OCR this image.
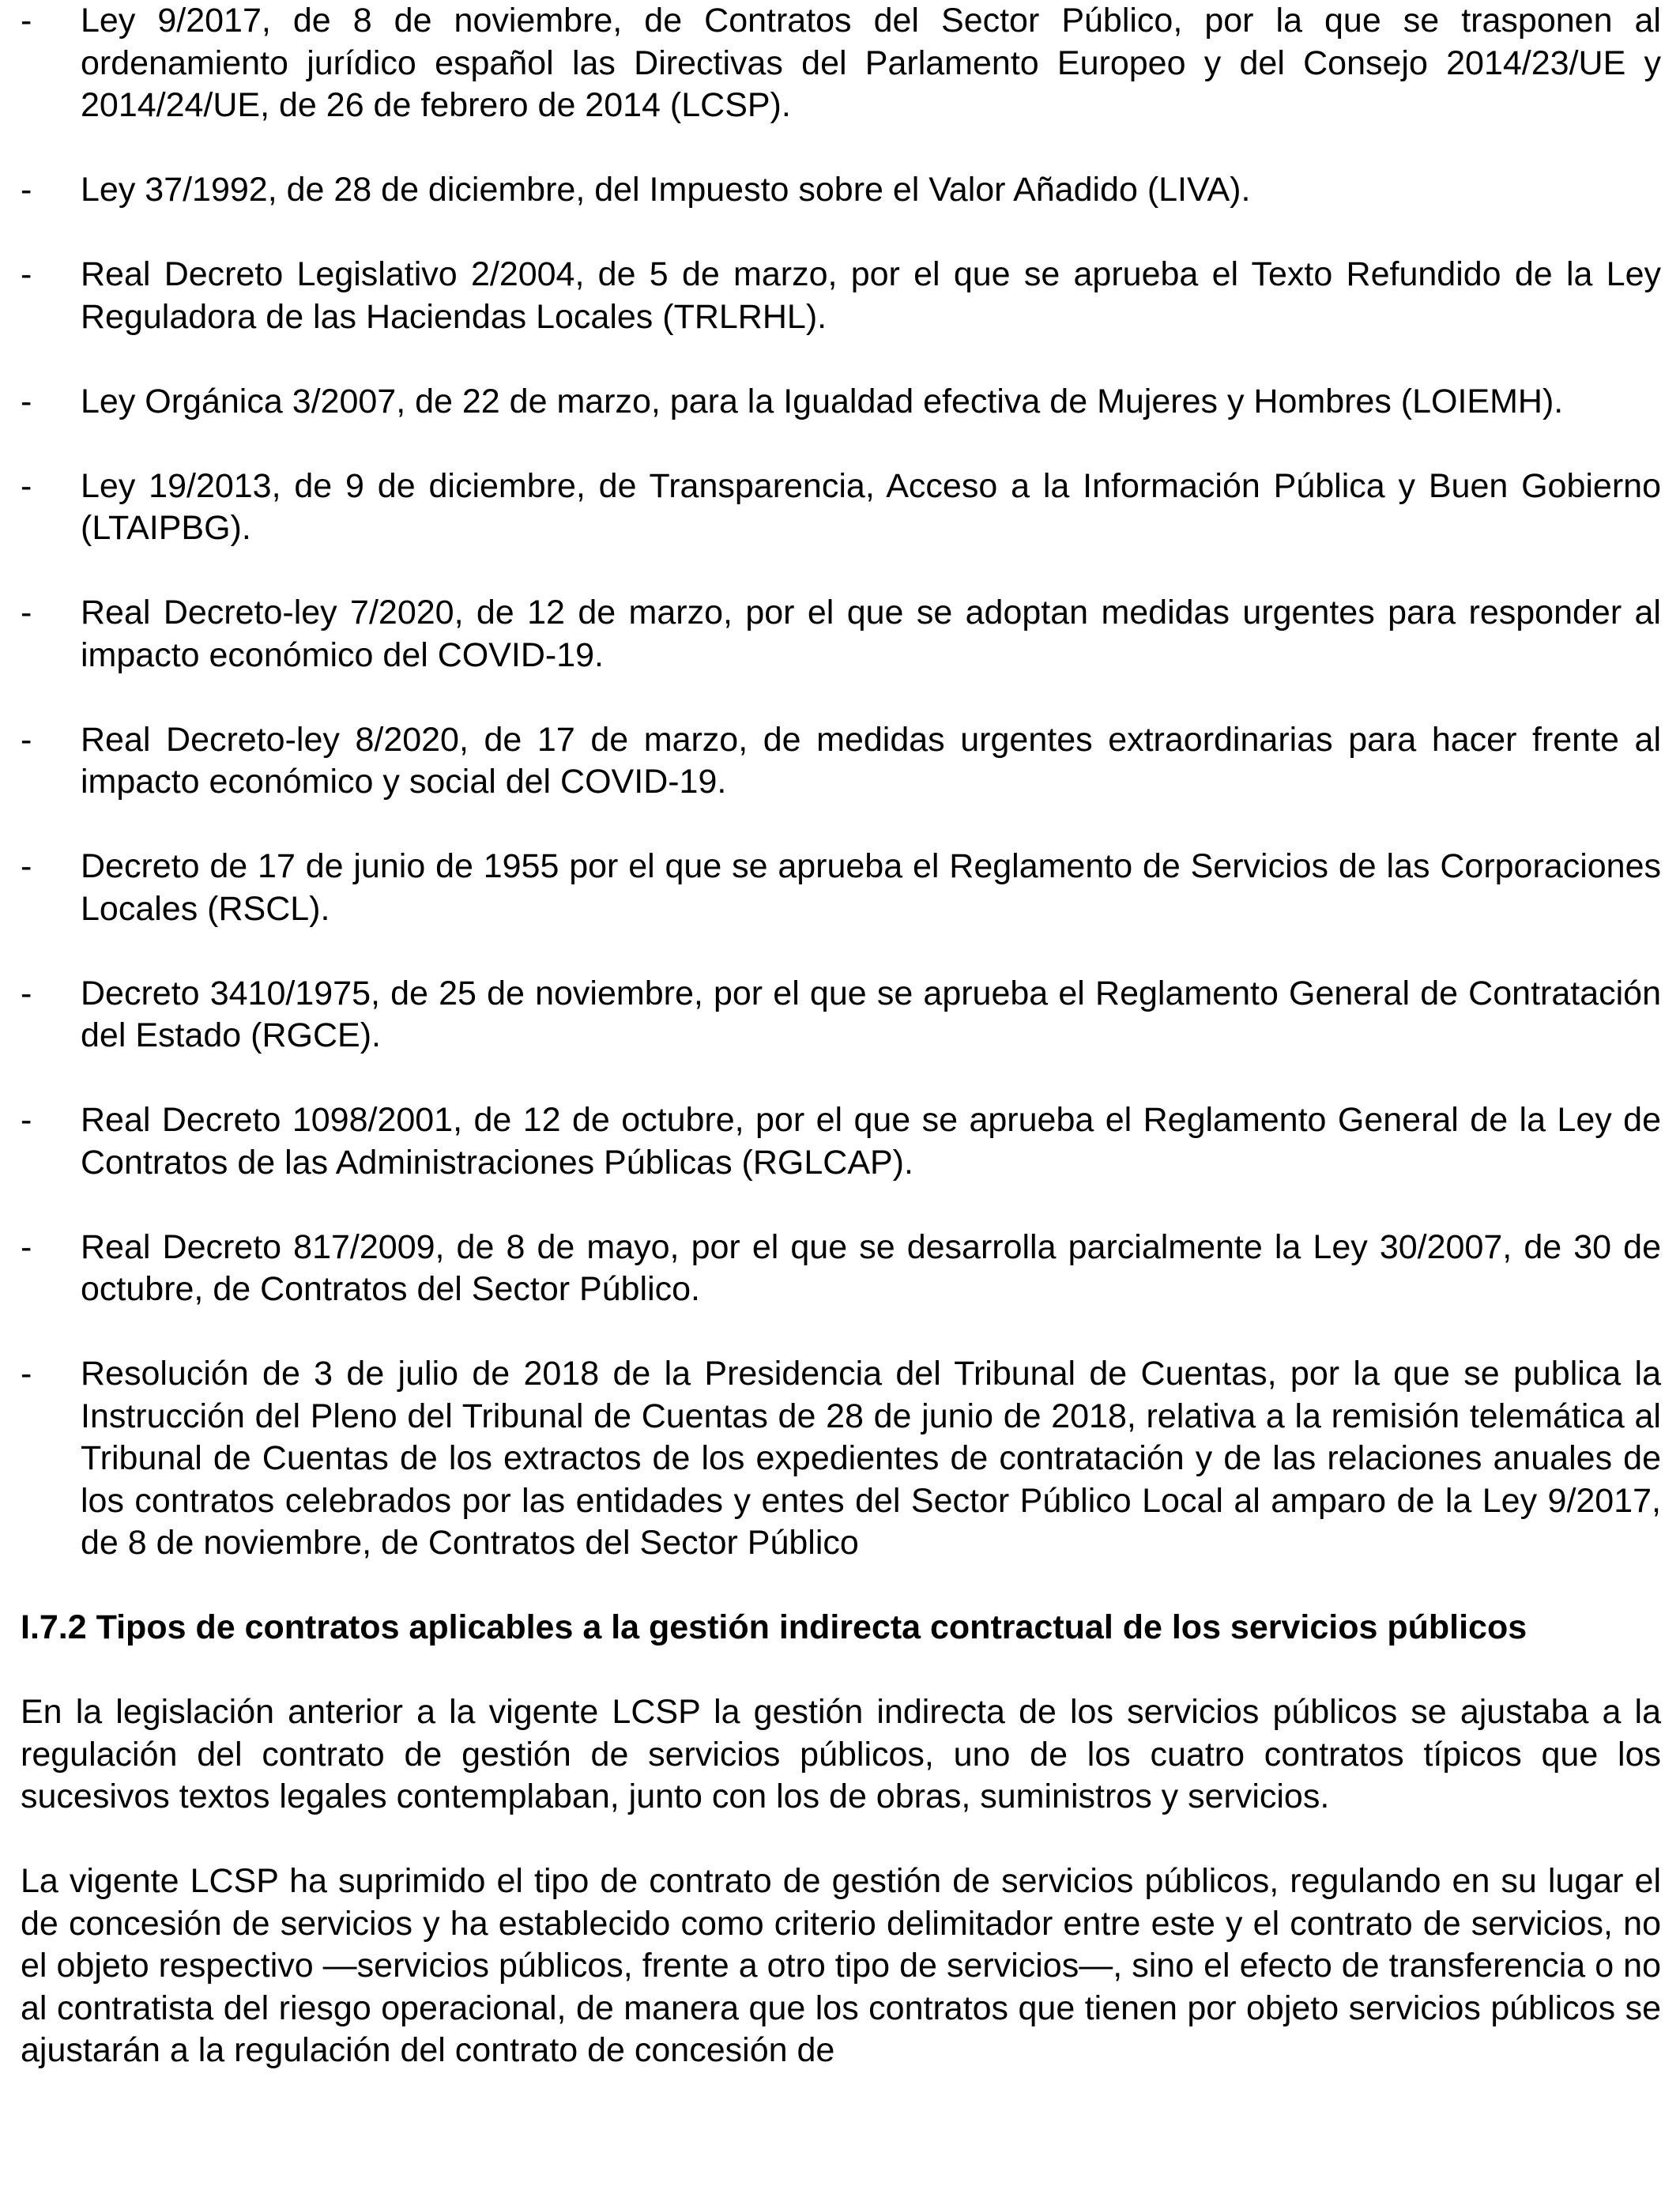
- Ley 9/2017, de 8 de noviembre, de Contratos del Sector Público, por la que se trasponen al ordenamiento jurídico español las Directivas del Parlamento Europeo y del Consejo 2014/23/UE y 2014/24/UE, de 26 de febrero de 2014 (LCSP).
- Ley 37/1992, de 28 de diciembre, del Impuesto sobre el Valor Añadido (LIVA).
- Real Decreto Legislativo 2/2004, de 5 de marzo, por el que se aprueba el Texto Refundido de la Ley Reguladora de las Haciendas Locales (TRLRHL).
- Ley Orgánica 3/2007, de 22 de marzo, para la Igualdad efectiva de Mujeres y Hombres (LOIEMH).
- Ley 19/2013, de 9 de diciembre, de Transparencia, Acceso a la Información Pública y Buen Gobierno (LTAIPBG).
- Real Decreto-ley 7/2020, de 12 de marzo, por el que se adoptan medidas urgentes para responder al impacto económico del COVID-19.
- Real Decreto-ley 8/2020, de 17 de marzo, de medidas urgentes extraordinarias para hacer frente al impacto económico y social del COVID-19.
- Decreto de 17 de junio de 1955 por el que se aprueba el Reglamento de Servicios de las Corporaciones Locales (RSCL).
- Decreto 3410/1975, de 25 de noviembre, por el que se aprueba el Reglamento General de Contratación del Estado (RGCE).
- Real Decreto 1098/2001, de 12 de octubre, por el que se aprueba el Reglamento General de la Ley de Contratos de las Administraciones Públicas (RGLCAP).
- Real Decreto 817/2009, de 8 de mayo, por el que se desarrolla parcialmente la Ley 30/2007, de 30 de octubre, de Contratos del Sector Público.
- Resolución de 3 de julio de 2018 de la Presidencia del Tribunal de Cuentas, por la que se publica la Instrucción del Pleno del Tribunal de Cuentas de 28 de junio de 2018, relativa a la remisión telemática al Tribunal de Cuentas de los extractos de los expedientes de contratación y de las relaciones anuales de los contratos celebrados por las entidades y entes del Sector Público Local al amparo de la Ley 9/2017, de 8 de noviembre, de Contratos del Sector Público
I.7.2 Tipos de contratos aplicables a la gestión indirecta contractual de los servicios públicos

En la legislación anterior a la vigente LCSP la gestión indirecta de los servicios públicos se ajustaba a la regulación del contrato de gestión de servicios públicos, uno de los cuatro contratos típicos que los sucesivos textos legales contemplaban, junto con los de obras, suministros y servicios.

La vigente LCSP ha suprimido el tipo de contrato de gestión de servicios públicos, regulando en su lugar el de concesión de servicios y ha establecido como criterio delimitador entre este y el contrato de servicios, no el objeto respectivo —servicios públicos, frente a otro tipo de servicios—, sino el efecto de transferencia o no al contratista del riesgo operacional, de manera que los contratos que tienen por objeto servicios públicos se ajustarán a la regulación del contrato de concesión de
